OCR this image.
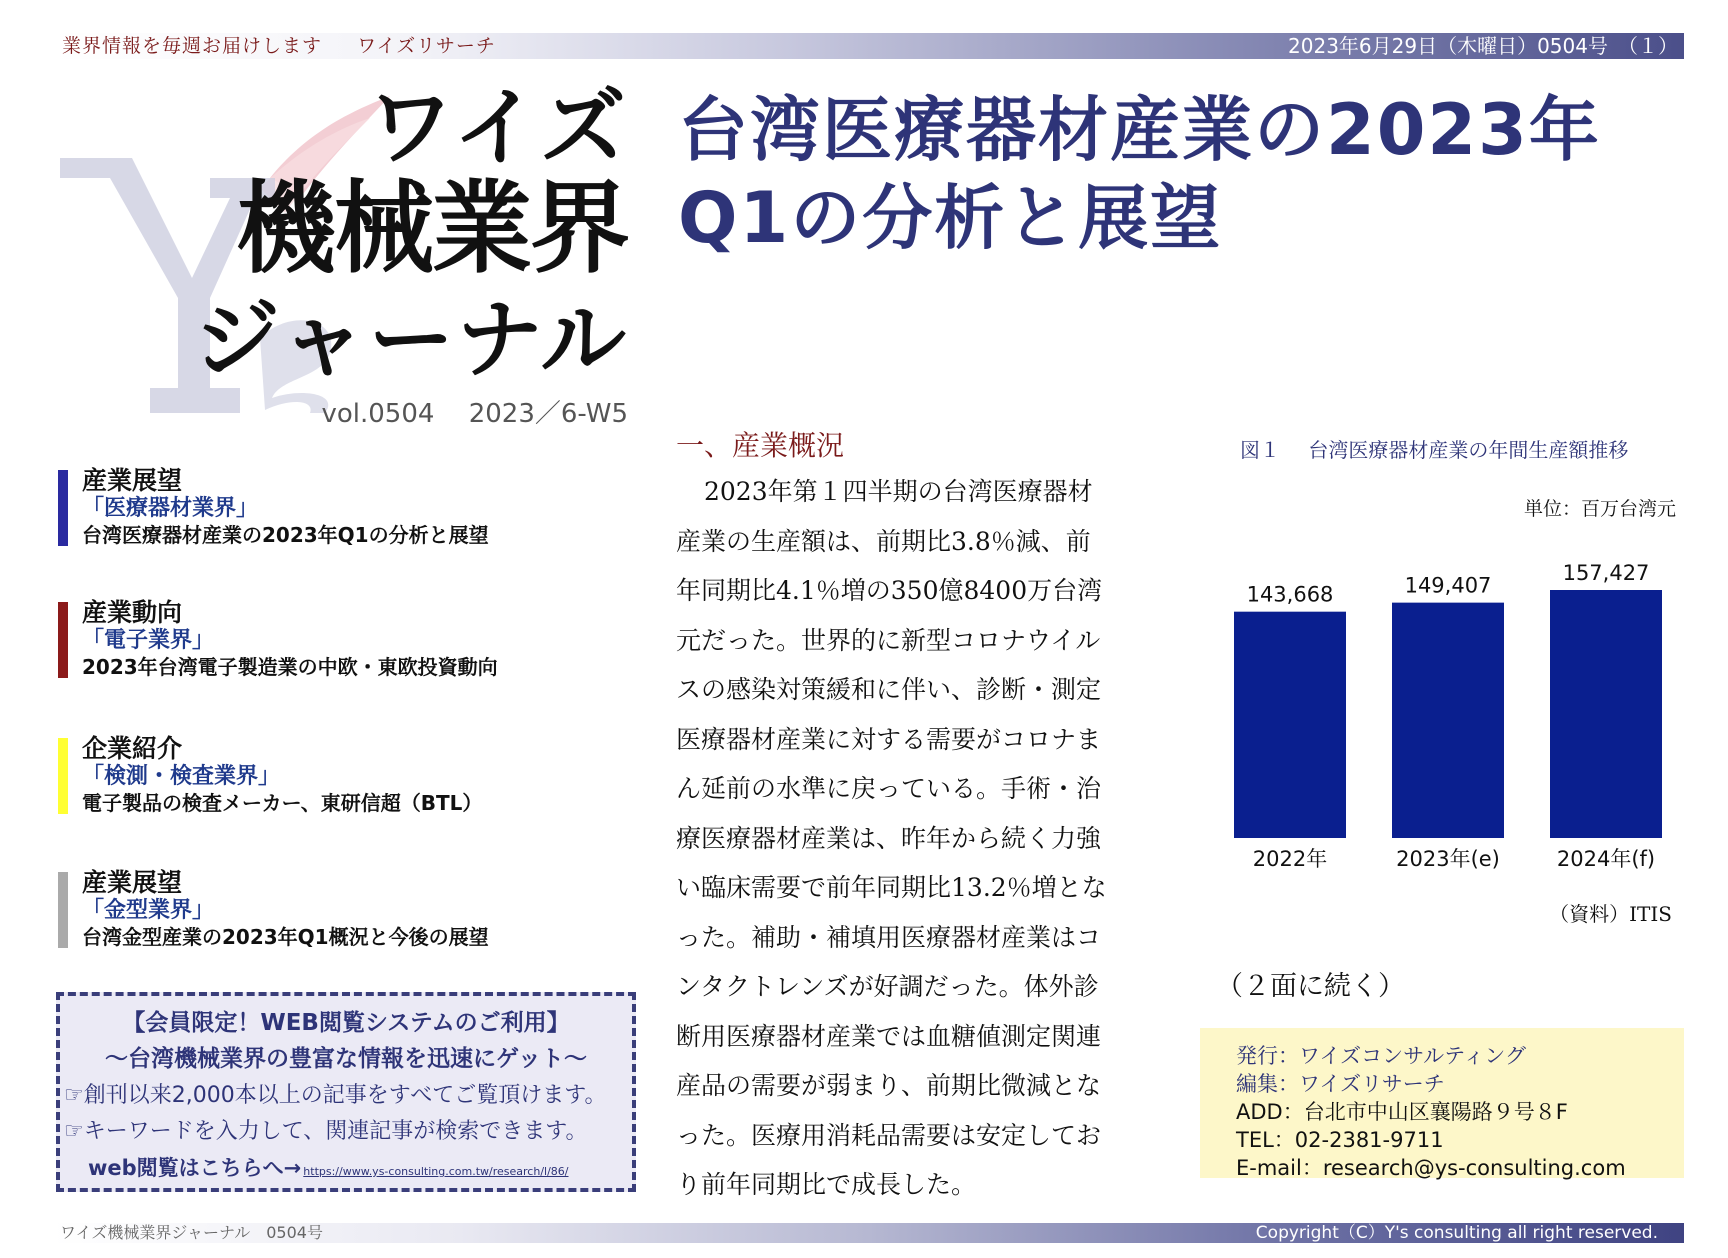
業界情報を毎週お届けします ワイズリサーチ	2023年6月29日（木曜日）0504号　（１）
ワイズ
機械業界
ジャーナル
vol.0504 2023／6-W5
台湾医療器材産業の2023年
Q1の分析と展望
産業展望
「医療器材業界」
台湾医療器材産業の2023年Q1の分析と展望
産業動向
「電子業界」
2023年台湾電子製造業の中欧・東欧投資動向
企業紹介
「検測・検査業界」
電子製品の検査メーカー、東研信超（BTL）
産業展望
「金型業界」
台湾金型産業の2023年Q1概況と今後の展望
【会員限定！WEB閲覧システムのご利用】
～台湾機械業界の豊富な情報を迅速にゲット～
☞創刊以来2,000本以上の記事をすべてご覧頂けます。
☞キーワードを入力して、関連記事が検索できます。
web閲覧はこちらへ→ https://www.ys-consulting.com.tw/research/l/86/
一、産業概況
2023年第１四半期の台湾医療器材
産業の生産額は、前期比3.8％減、前
年同期比4.1％増の350億8400万台湾
元だった。世界的に新型コロナウイル
スの感染対策緩和に伴い、診断・測定
医療器材産業に対する需要がコロナま
ん延前の水準に戻っている。手術・治
療医療器材産業は、昨年から続く力強
い臨床需要で前年同期比13.2％増とな
った。補助・補填用医療器材産業はコ
ンタクトレンズが好調だった。体外診
断用医療器材産業では血糖値測定関連
産品の需要が弱まり、前期比微減とな
った。医療用消耗品需要は安定してお
り前年同期比で成長した。
図１ 台湾医療器材産業の年間生産額推移
単位：百万台湾元
143,668
2022年
149,407
2023年(e)
157,427
2024年(f)
（資料）ITIS
（２面に続く）
発行：ワイズコンサルティング
編集：ワイズリサーチ
ADD：台北市中山区襄陽路９号８F
TEL：02-2381-9711
E-mail：research@ys-consulting.com
ワイズ機械業界ジャーナル　0504号	Copyright（C）Y's consulting all right reserved.
